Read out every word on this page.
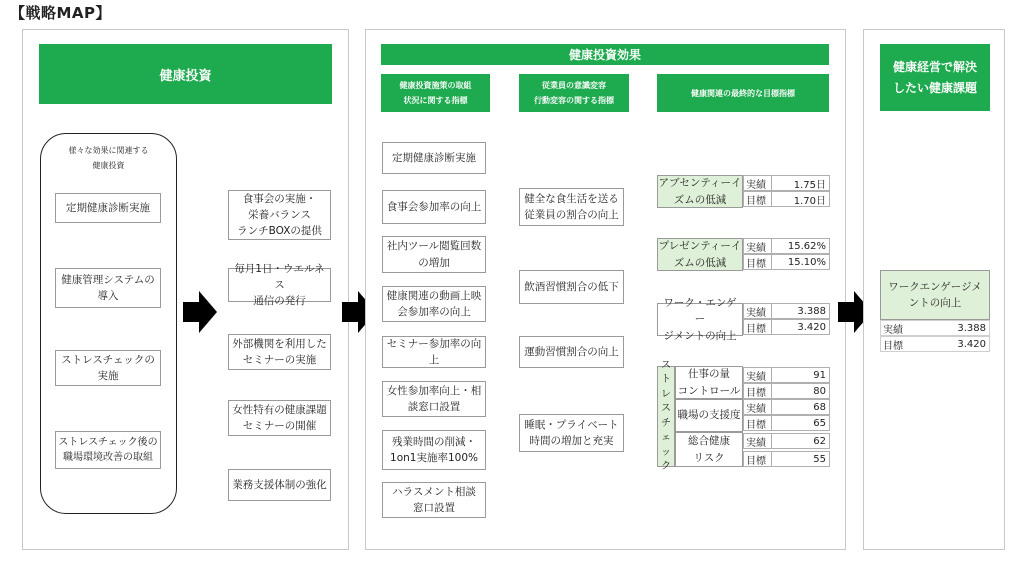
【戦略MAP】
健康投資
様々な効果に関連する
健康投資
定期健康診断実施
健康管理システムの
導入
ストレスチェックの
実施
ストレスチェック後の
職場環境改善の取組
食事会の実施・
栄養バランス
ランチBOXの提供
毎月1日・ウエルネス
通信の発行
外部機関を利用した
セミナーの実施
女性特有の健康課題
セミナーの開催
業務支援体制の強化
健康投資効果
健康投資施策の取組
状況に関する指標
従業員の意識変容
行動変容の関する指標
健康関連の最終的な目標指標
定期健康診断実施
食事会参加率の向上
社内ツール閲覧回数
の増加
健康関連の動画上映
会参加率の向上
セミナー参加率の向上
女性参加率向上・相
談窓口設置
残業時間の削減・
1on1実施率100%
ハラスメント相談
窓口設置
健全な食生活を送る
従業員の割合の向上
飲酒習慣割合の低下
運動習慣割合の向上
睡眠・プライベート
時間の増加と充実
アブセンティーイ
ズムの低減
実績	1.75日
目標	1.70日
プレゼンティーイ
ズムの低減
実績	15.62%
目標	15.10%
ワーク・エンゲー
ジメントの向上
実績	3.388
目標	3.420
ス
ト
レ
ス
チ
ェ
ッ
ク
仕事の量
コントロール
実績	91
目標	80
職場の支援度
実績	68
目標	65
総合健康
リスク
実績	62
目標	55
健康経営で解決
したい健康課題
ワークエンゲージメ
ントの向上
実績	3.388
目標	3.420
